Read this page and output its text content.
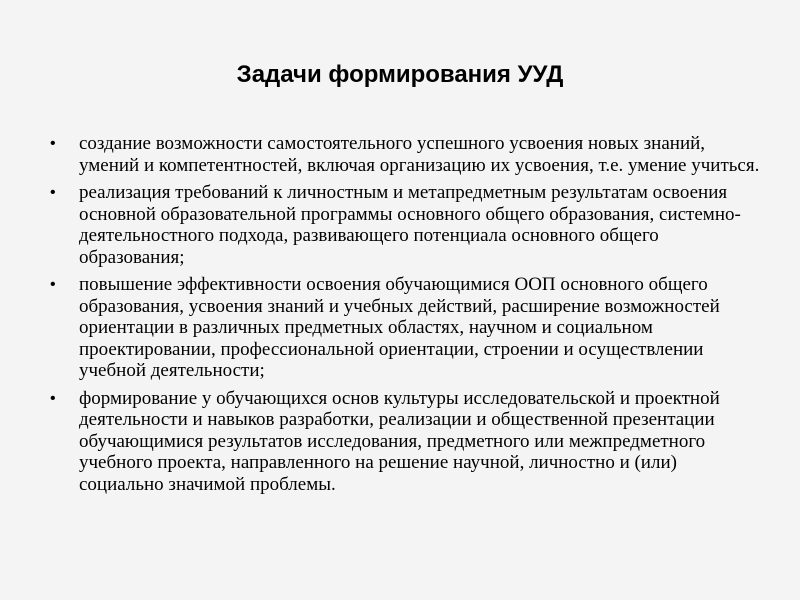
Задачи формирования УУД
• создание возможности самостоятельного успешного усвоения новых знаний, умений и компетентностей, включая организацию их усвоения, т.е. умение учиться.
• реализация требований к личностным и метапредметным результатам освоения основной образовательной программы основного общего образования, системно-деятельностного подхода, развивающего потенциала основного общего образования;
• повышение эффективности освоения обучающимися ООП основного общего образования, усвоения знаний и учебных действий, расширение возможностей ориентации в различных предметных областях, научном и социальном проектировании, профессиональной ориентации, строении и осуществлении учебной деятельности;
• формирование у обучающихся основ культуры исследовательской и проектной деятельности и навыков разработки, реализации и общественной презентации обучающимися результатов исследования, предметного или межпредметного учебного проекта, направленного на решение научной, личностно и (или) социально значимой проблемы.
